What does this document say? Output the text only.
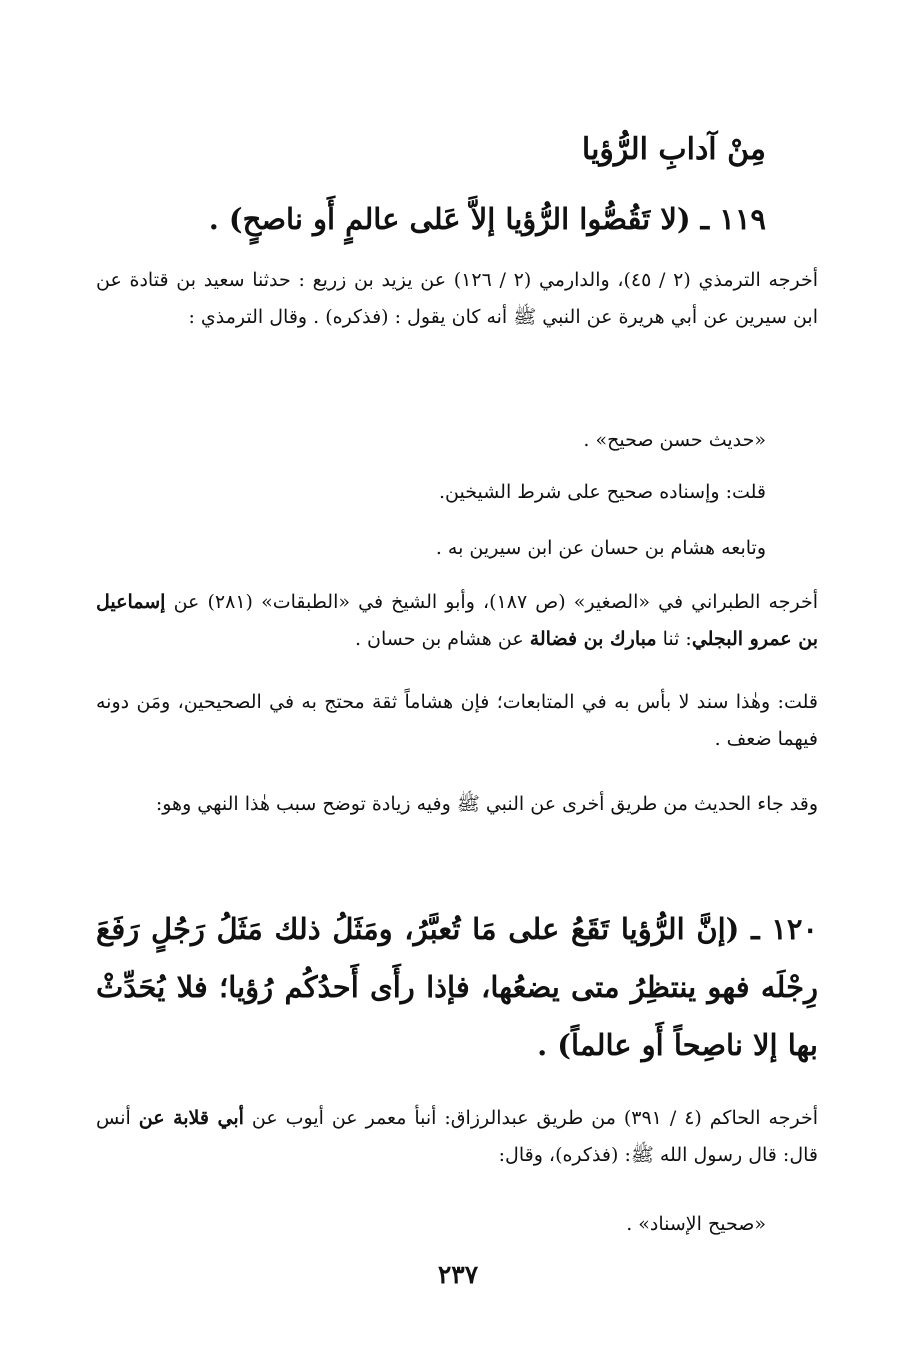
مِنْ آدابِ الرُّؤيا
١١٩ ـ (لا تَقُصُّوا الرُّؤيا إلاَّ عَلى عالمٍ أَو ناصحٍ) .
أخرجه الترمذي (٢ / ٤٥)، والدارمي (٢ / ١٢٦) عن يزيد بن زريع : حدثنا سعيد بن قتادة عن ابن سيرين عن أبي هريرة عن النبي ﷺ أنه كان يقول : (فذكره) . وقال الترمذي :
«حديث حسن صحيح» .
قلت: وإسناده صحيح على شرط الشيخين.
وتابعه هشام بن حسان عن ابن سيرين به .
أخرجه الطبراني في «الصغير» (ص ١٨٧)، وأبو الشيخ في «الطبقات» (٢٨١) عن إسماعيل بن عمرو البجلي: ثنا مبارك بن فضالة عن هشام بن حسان .
قلت: وهٰذا سند لا بأس به في المتابعات؛ فإن هشاماً ثقة محتج به في الصحيحين، ومَن دونه فيهما ضعف .
وقد جاء الحديث من طريق أخرى عن النبي ﷺ وفيه زيادة توضح سبب هٰذا النهي وهو:
١٢٠ ـ (إنَّ الرُّؤيا تَقَعُ على مَا تُعبَّرُ، ومَثَلُ ذلك مَثَلُ رَجُلٍ رَفَعَ رِجْلَه فهو ينتظِرُ متى يضعُها، فإذا رأَى أَحدُكُم رُؤيا؛ فلا يُحَدِّثْ بها إلا ناصِحاً أَو عالماً) .
أخرجه الحاكم (٤ / ٣٩١) من طريق عبدالرزاق: أنبأ معمر عن أيوب عن أبي قلابة عن أنس قال: قال رسول الله ﷺ: (فذكره)، وقال:
«صحيح الإسناد» .
٢٣٧
